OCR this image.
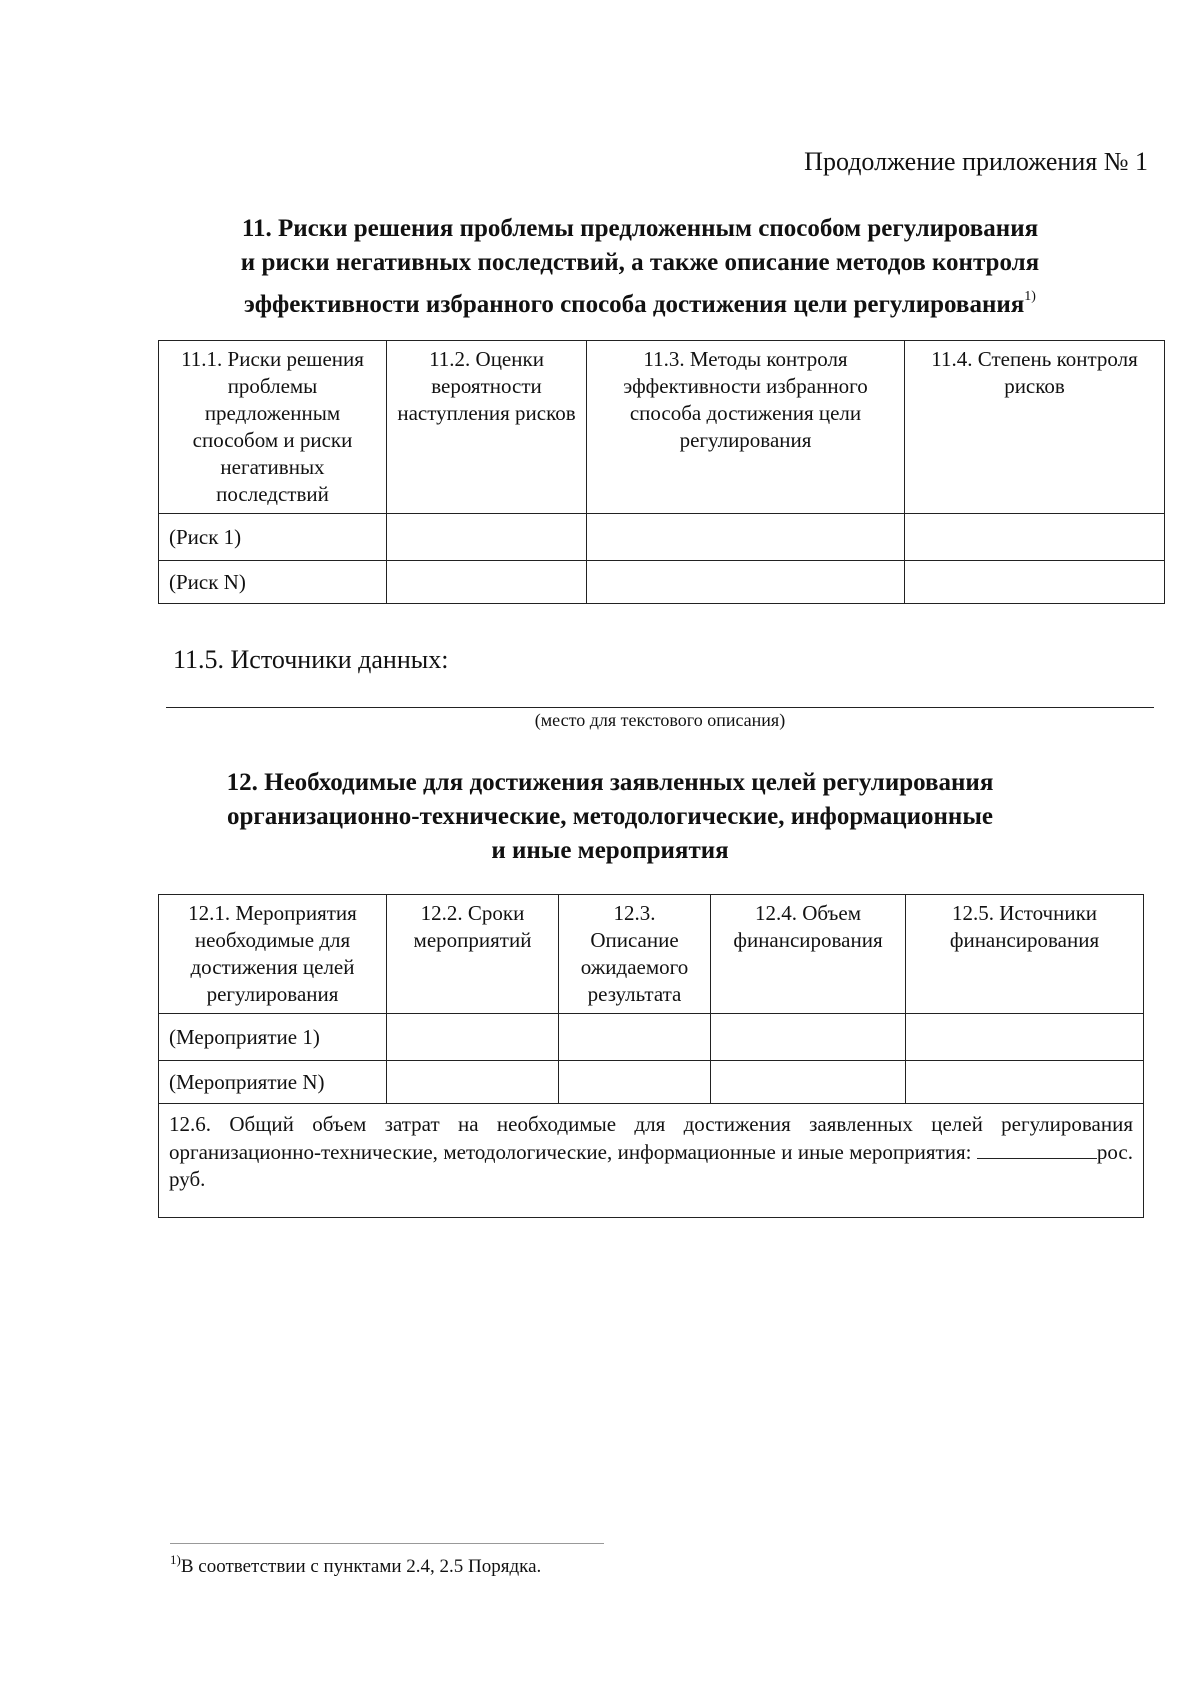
Продолжение приложения № 1
11. Риски решения проблемы предложенным способом регулирования
и риски негативных последствий, а также описание методов контроля
эффективности избранного способа достижения цели регулирования$^{1)}$
11.1. Риски решения проблемы предложенным способом и риски негативных последствий	11.2. Оценки вероятности наступления рисков	11.3. Методы контроля эффективности избранного способа достижения цели регулирования	11.4. Степень контроля рисков
(Риск 1)			
(Риск N)			
11.5. Источники данных:
(место для текстового описания)
12. Необходимые для достижения заявленных целей регулирования
организационно-технические, методологические, информационные
и иные мероприятия
12.1. Мероприятия необходимые для достижения целей регулирования	12.2. Сроки мероприятий	12.3. Описание ожидаемого результата	12.4. Объем финансирования	12.5. Источники финансирования
(Мероприятие 1)				
(Мероприятие N)				
12.6. Общий объем затрат на необходимые для достижения заявленных целей регулирования организационно-технические, методологические, информационные и иные мероприятия: рос. руб.				
$^{1)}$В соответствии с пунктами 2.4, 2.5 Порядка.
